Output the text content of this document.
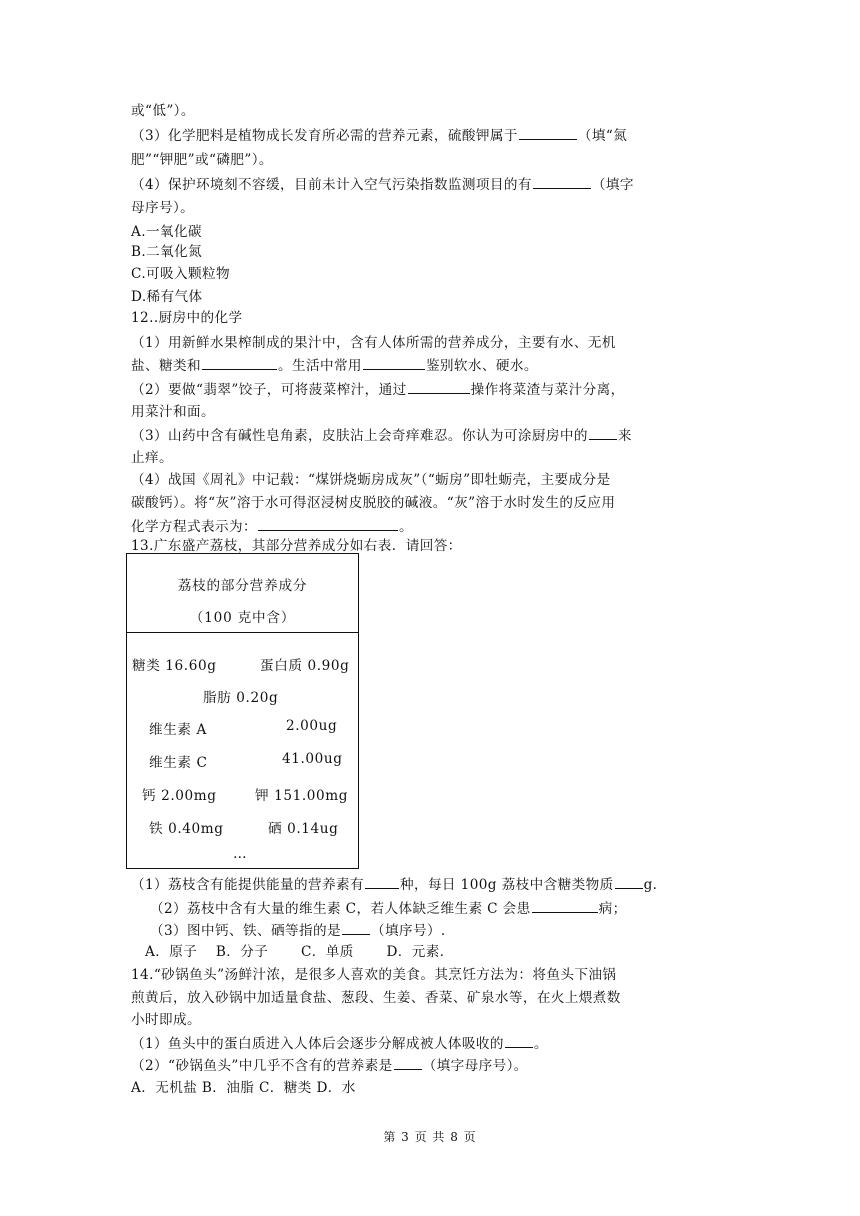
或“低”）。
（3）化学肥料是植物成长发育所必需的营养元素，硫酸钾属于	（填“氮
肥”“钾肥”或“磷肥”）。
（4）保护环境刻不容缓，目前未计入空气污染指数监测项目的有	（填字
母序号）。
A.一氧化碳
B.二氧化氮
C.可吸入颗粒物
D.稀有气体
12..厨房中的化学
（1）用新鲜水果榨制成的果汁中，含有人体所需的营养成分，主要有水、无机
盐、糖类和	。生活中常用	鉴别软水、硬水。
（2）要做“翡翠”饺子，可将菠菜榨汁，通过	操作将菜渣与菜汁分离，
用菜汁和面。
（3）山药中含有碱性皂角素，皮肤沾上会奇痒难忍。你认为可涂厨房中的 来
止痒。
（4）战国《周礼》中记载：“煤饼烧蛎房成灰”（“蛎房”即牡蛎壳，主要成分是
碳酸钙）。将“灰”溶于水可得沤浸树皮脱胶的碱液。“灰”溶于水时发生的反应用
化学方程式表示为：	。
13.广东盛产荔枝，其部分营养成分如右表．请回答：
荔枝的部分营养成分
（100 克中含）
糖类 16.60g	蛋白质 0.90g
脂肪 0.20g
维生素 A	2.00ug
维生素 C	41.00ug
钙 2.00mg	钾 151.00mg
铁 0.40mg	硒 0.14ug
…
（1）荔枝含有能提供能量的营养素有	种，每日 100g 荔枝中含糖类物质 g.
（2）荔枝中含有大量的维生素 C，若人体缺乏维生素 C 会患	病；
（3）图中钙、铁、硒等指的是 （填序号）.
A．原子　 B．分子　　 C．单质　　 D．元素．
14.“砂锅鱼头”汤鲜汁浓，是很多人喜欢的美食。其烹饪方法为：将鱼头下油锅
煎黄后，放入砂锅中加适量食盐、葱段、生姜、香菜、矿泉水等，在火上煨煮数
小时即成。
（1）鱼头中的蛋白质进入人体后会逐步分解成被人体吸收的 。
（2）“砂锅鱼头”中几乎不含有的营养素是 （填字母序号）。
A．无机盐 B．油脂 C．糖类 D．水
第 3 页 共 8 页
